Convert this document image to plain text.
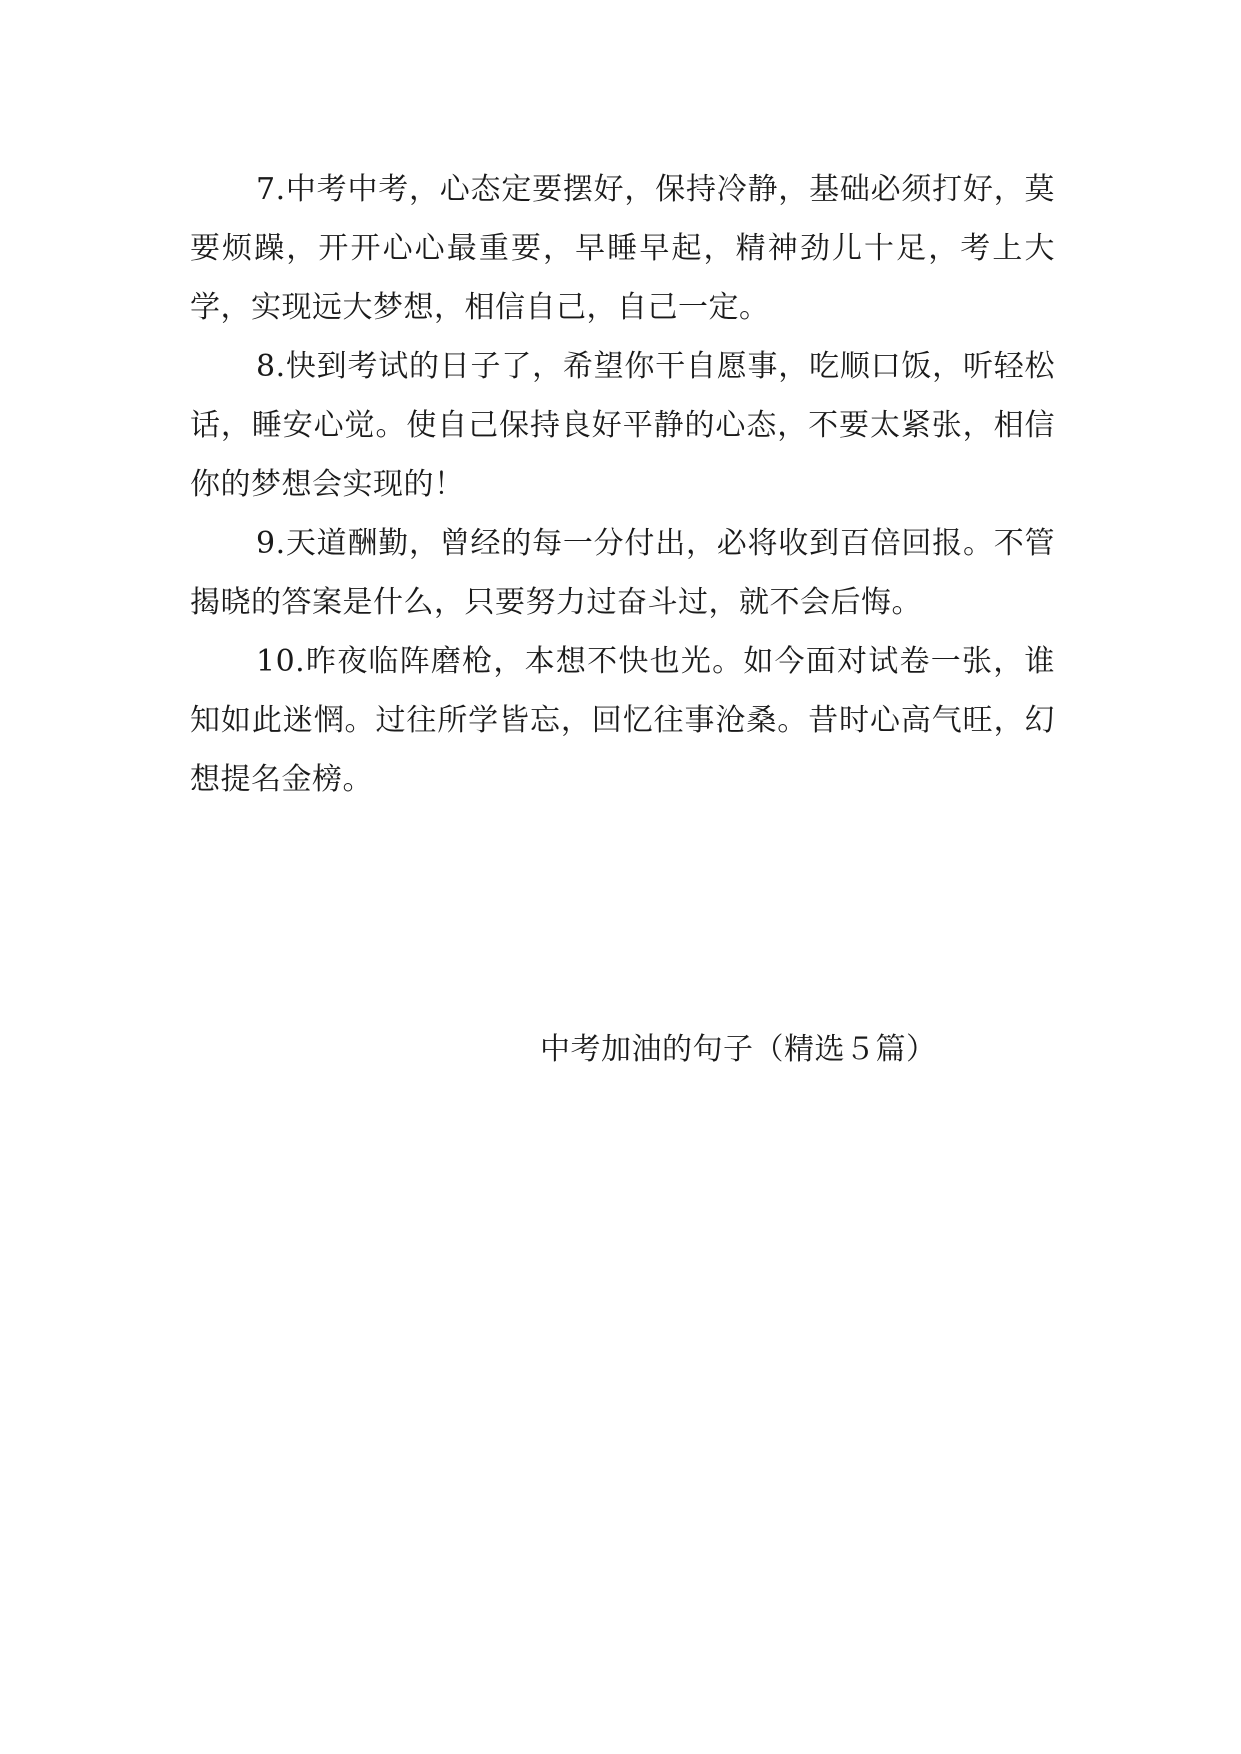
7.中考中考，心态定要摆好，保持冷静，基础必须打好，莫要烦躁，开开心心最重要，早睡早起，精神劲儿十足，考上大学，实现远大梦想，相信自己，自己一定。

8.快到考试的日子了，希望你干自愿事，吃顺口饭，听轻松话，睡安心觉。使自己保持良好平静的心态，不要太紧张，相信你的梦想会实现的！

9.天道酬勤，曾经的每一分付出，必将收到百倍回报。不管揭晓的答案是什么，只要努力过奋斗过，就不会后悔。

10.昨夜临阵磨枪，本想不快也光。如今面对试卷一张，谁知如此迷惘。过往所学皆忘，回忆往事沧桑。昔时心高气旺，幻想提名金榜。

中考加油的句子（精选５篇）
